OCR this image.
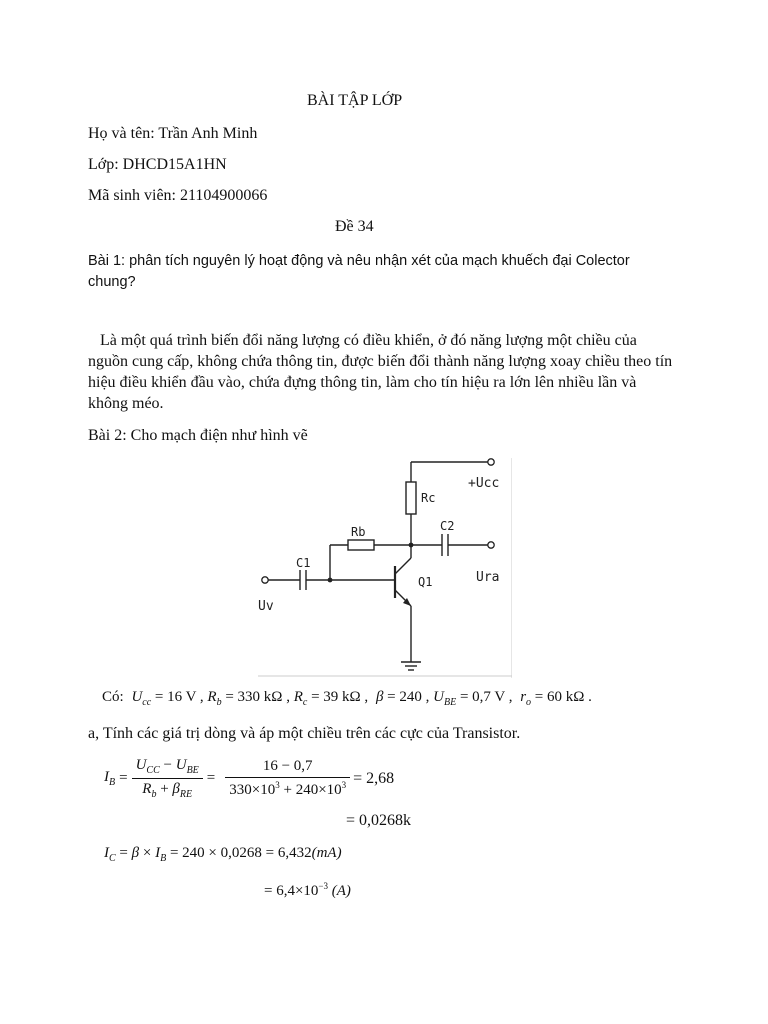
BÀI TẬP LỚP
Họ và tên: Trần Anh Minh
Lớp: DHCD15A1HN
Mã sinh viên: 21104900066
Đề 34
Bài 1: phân tích nguyên lý hoạt động và nêu nhận xét của mạch khuếch đại Colector chung?
Là một quá trình biến đổi năng lượng có điều khiển, ở đó năng lượng một chiều của nguồn cung cấp, không chứa thông tin, được biến đổi thành năng lượng xoay chiều theo tín hiệu điều khiển đầu vào, chứa đựng thông tin, làm cho tín hiệu ra lớn lên nhiều lần và không méo.
Bài 2: Cho mạch điện như hình vẽ
Rc
Rb	C2
C1
Q1
+Ucc
Ura
Uv
Có: $U_{cc} = 16$ V , $R_b = 330$ kΩ , $R_c = 39$ kΩ , β = 240 , $U_{BE} = 0,7$ V , $r_o = 60$ kΩ .
a, Tính các giá trị dòng và áp một chiều trên các cực của Transistor.
$I_B = \frac{U_{CC} - U_{BE}}{R_b + \beta_{RE}} = \frac{16 - 0,7}{330\times 10^3 + 240\times 10^3} = 2,68$
= 0,0268k
$I_C = \beta \times I_B = 240 \times 0,0268 = 6,432(mA)$
= $6,4\times 10^{-3}$ (A)
